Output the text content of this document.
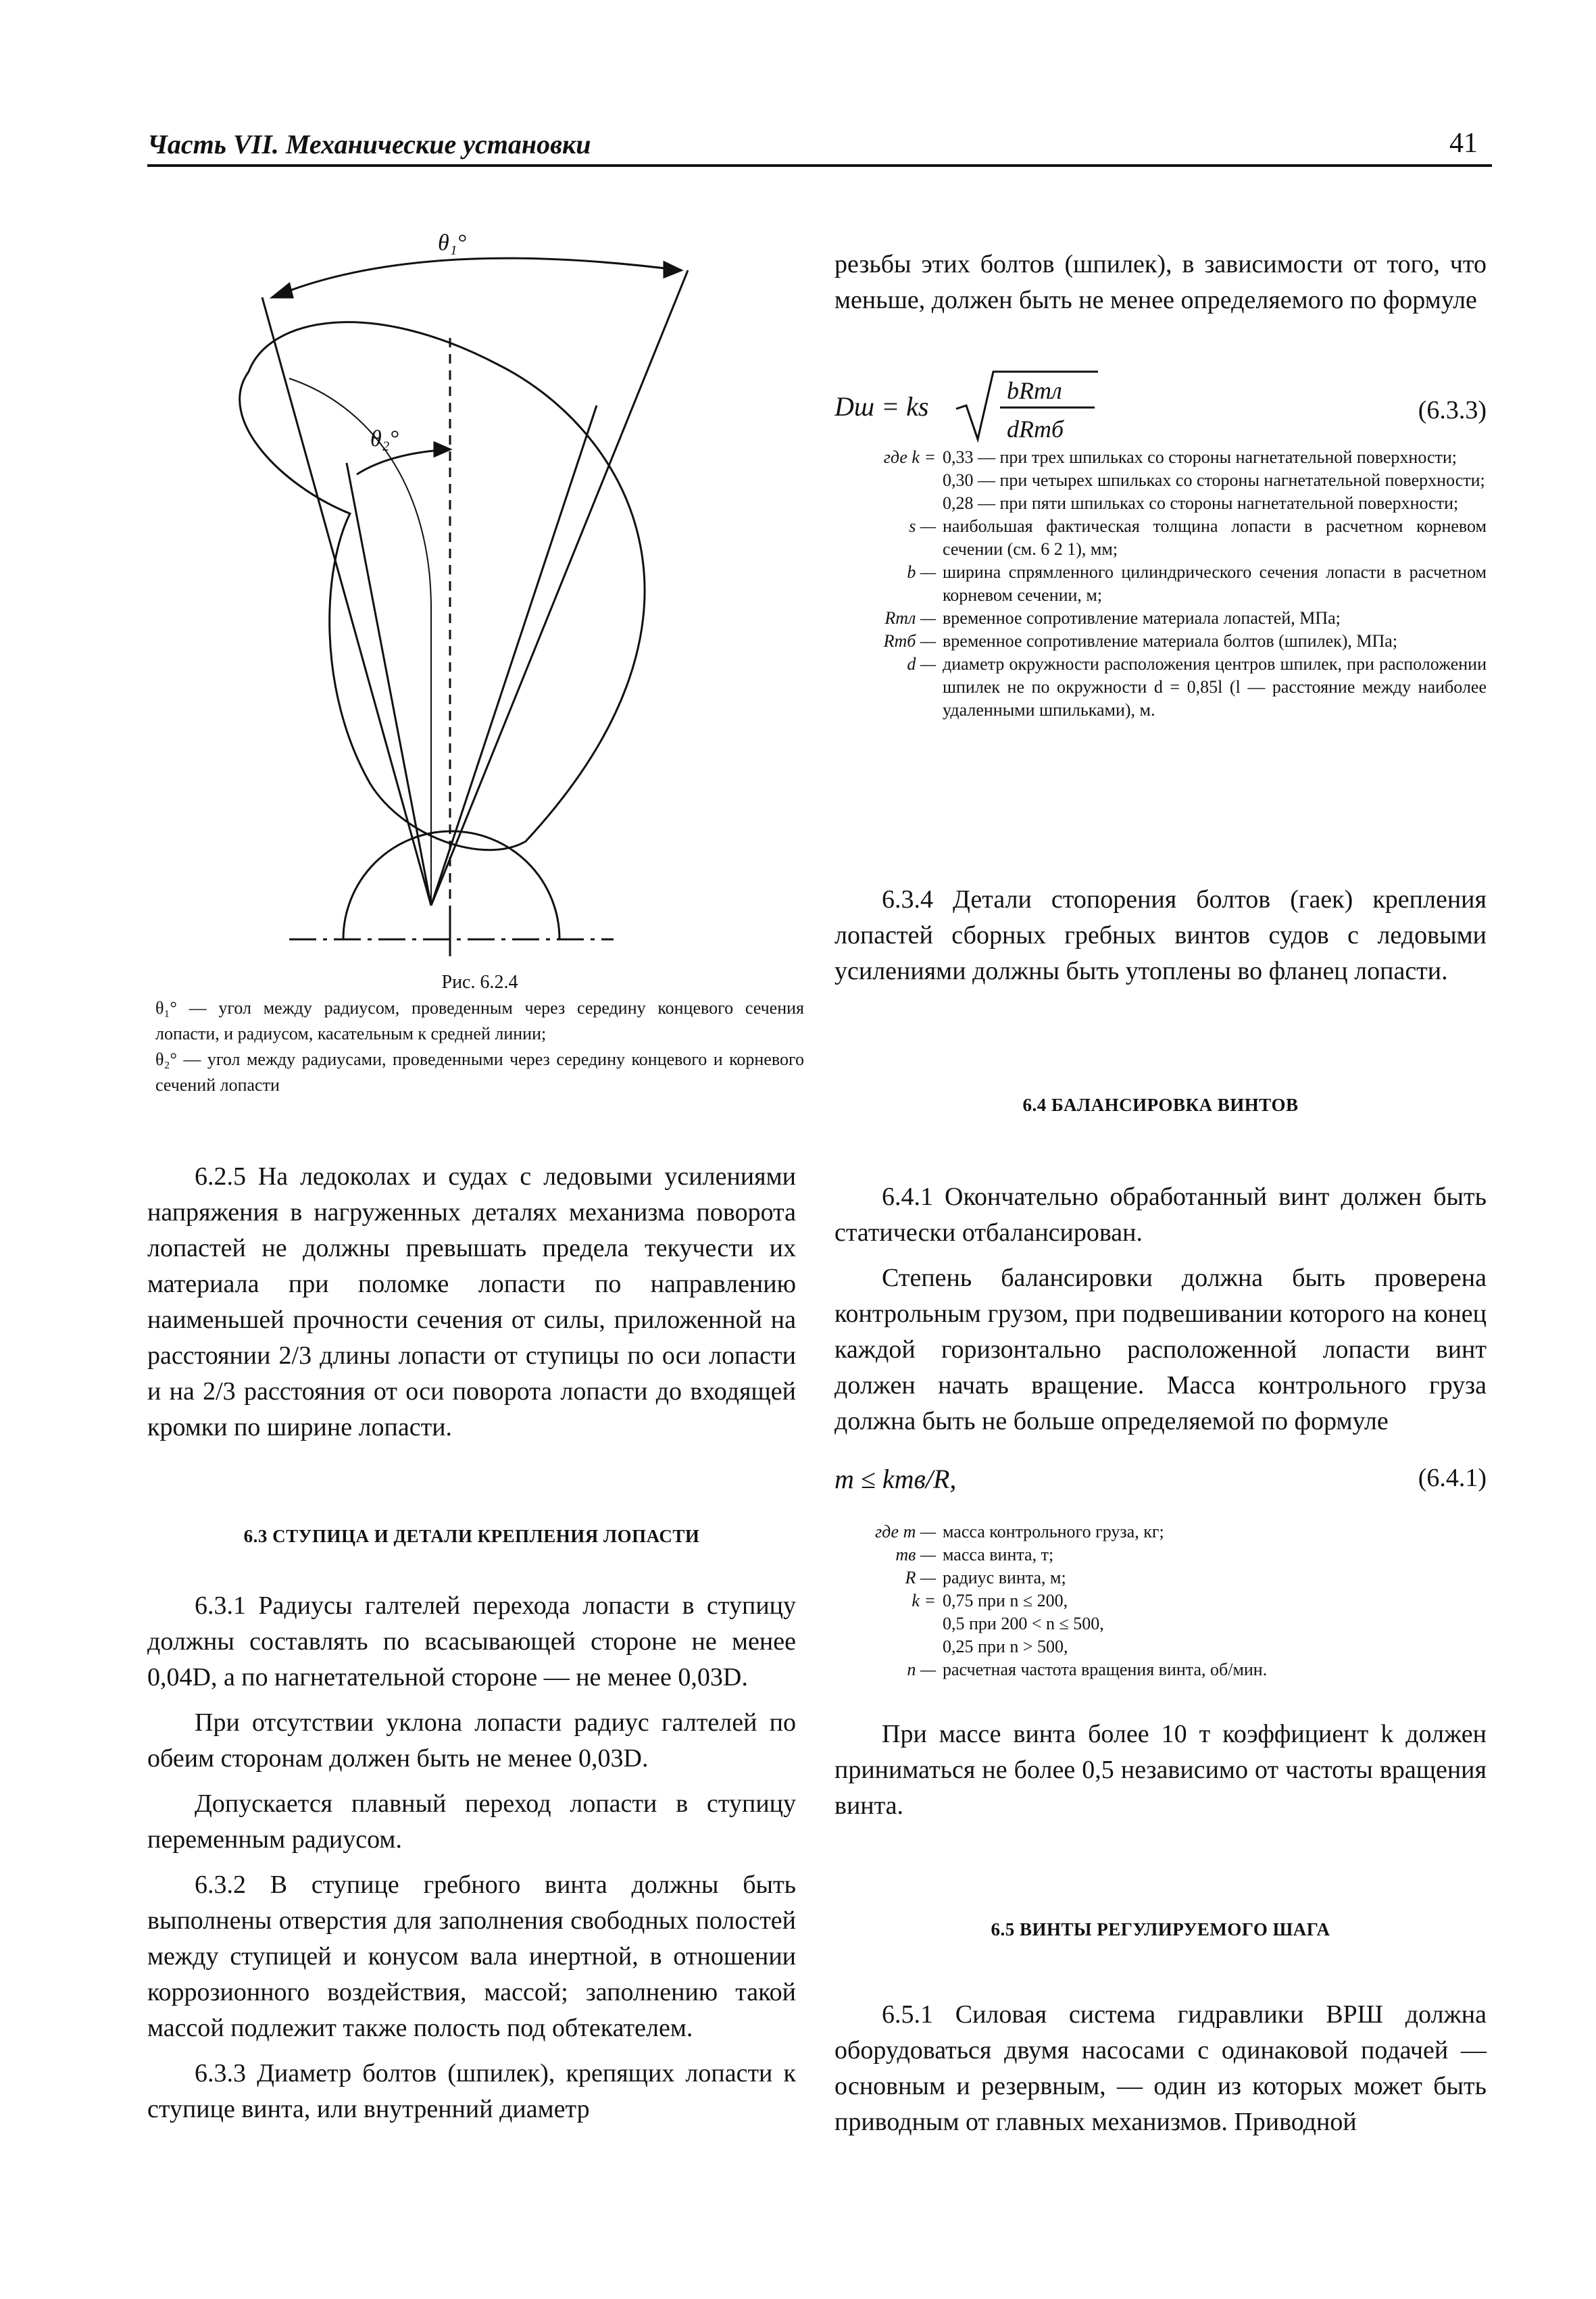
Часть VII. Механические установки	41
θ₁°
θ₂°
Рис. 6.2.4
θ₁° — угол между радиусом, проведенным через середину концевого сечения лопасти, и радиусом, касательным к средней линии;
θ₂° — угол между радиусами, проведенными через середину концевого и корневого сечений лопасти

6.2.5 На ледоколах и судах с ледовыми усилениями напряжения в нагруженных деталях механизма поворота лопастей не должны превышать предела текучести их материала при поломке лопасти по направлению наименьшей прочности сечения от силы, приложенной на расстоянии 2/3 длины лопасти от ступицы по оси лопасти и на 2/3 расстояния от оси поворота лопасти до входящей кромки по ширине лопасти.

6.3 СТУПИЦА И ДЕТАЛИ КРЕПЛЕНИЯ ЛОПАСТИ

6.3.1 Радиусы галтелей перехода лопасти в ступицу должны составлять по всасывающей стороне не менее 0,04D, а по нагнетательной стороне — не менее 0,03D.

При отсутствии уклона лопасти радиус галтелей по обеим сторонам должен быть не менее 0,03D.

Допускается плавный переход лопасти в ступицу переменным радиусом.

6.3.2 В ступице гребного винта должны быть выполнены отверстия для заполнения свободных полостей между ступицей и конусом вала инертной, в отношении коррозионного воздействия, массой; заполнению такой массой подлежит также полость под обтекателем.

6.3.3 Диаметр болтов (шпилек), крепящих лопасти к ступице винта, или внутренний диаметр

резьбы этих болтов (шпилек), в зависимости от того, что меньше, должен быть не менее определяемого по формуле

Dш = ks
bRmл
dRmб
(6.3.3)
где k = 0,33 — при трех шпильках со стороны нагнетательной поверхности;
0,30 — при четырех шпильках со стороны нагнетательной поверхности;
0,28 — при пяти шпильках со стороны нагнетательной поверхности;
s — наибольшая фактическая толщина лопасти в расчетном корневом сечении (см. 6 2 1), мм;
b — ширина спрямленного цилиндрического сечения лопасти в расчетном корневом сечении, м;
Rmл — временное сопротивление материала лопастей, МПа;
Rmб — временное сопротивление материала болтов (шпилек), МПа;
d — диаметр окружности расположения центров шпилек, при расположении шпилек не по окружности d = 0,85l (l — расстояние между наиболее удаленными шпильками), м.

6.3.4 Детали стопорения болтов (гаек) крепления лопастей сборных гребных винтов судов с ледовыми усилениями должны быть утоплены во фланец лопасти.

6.4 БАЛАНСИРОВКА ВИНТОВ

6.4.1 Окончательно обработанный винт должен быть статически отбалансирован.

Степень балансировки должна быть проверена контрольным грузом, при подвешивании которого на конец каждой горизонтально расположенной лопасти винт должен начать вращение. Масса контрольного груза должна быть не больше определяемой по формуле

m ≤ kmв/R,	(6.4.1)
где m — масса контрольного груза, кг;
mв — масса винта, т;
R — радиус винта, м;
k = 0,75 при n ≤ 200,
0,5 при 200 < n ≤ 500,
0,25 при n > 500,
n — расчетная частота вращения винта, об/мин.

При массе винта более 10 т коэффициент k должен приниматься не более 0,5 независимо от частоты вращения винта.

6.5 ВИНТЫ РЕГУЛИРУЕМОГО ШАГА

6.5.1 Силовая система гидравлики ВРШ должна оборудоваться двумя насосами с одинаковой подачей — основным и резервным, — один из которых может быть приводным от главных механизмов. Приводной
